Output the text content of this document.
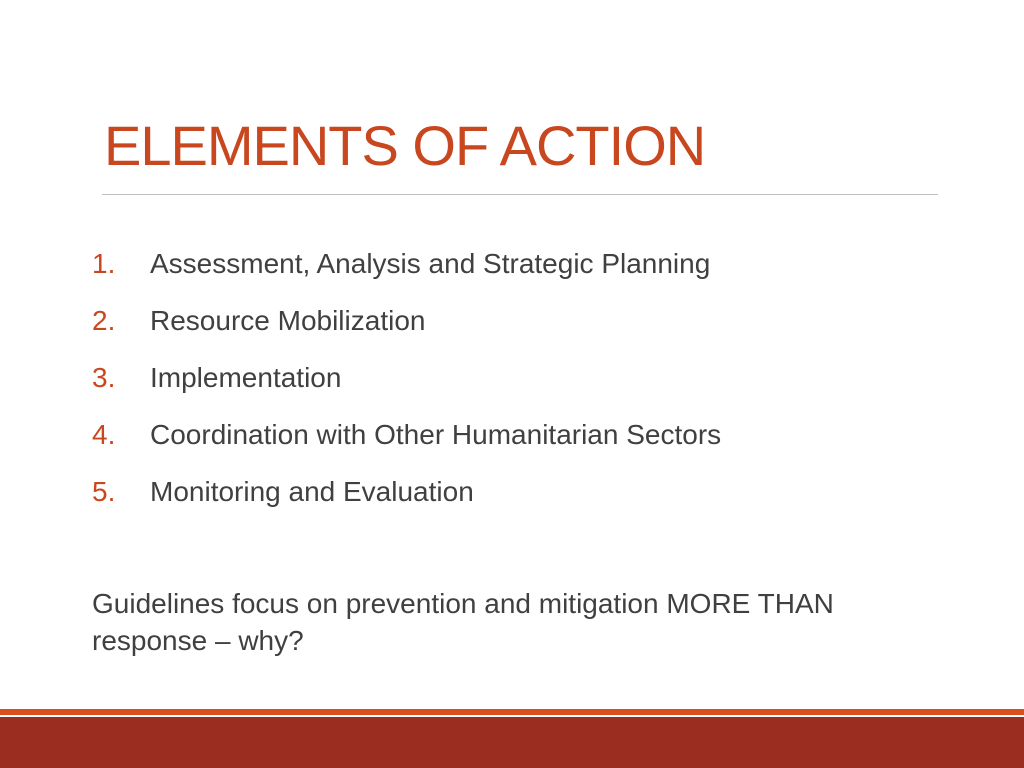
ELEMENTS OF ACTION
1. Assessment, Analysis and Strategic Planning
2. Resource Mobilization
3. Implementation
4. Coordination with Other Humanitarian Sectors
5. Monitoring and Evaluation

Guidelines focus on prevention and mitigation MORE THAN response – why?
